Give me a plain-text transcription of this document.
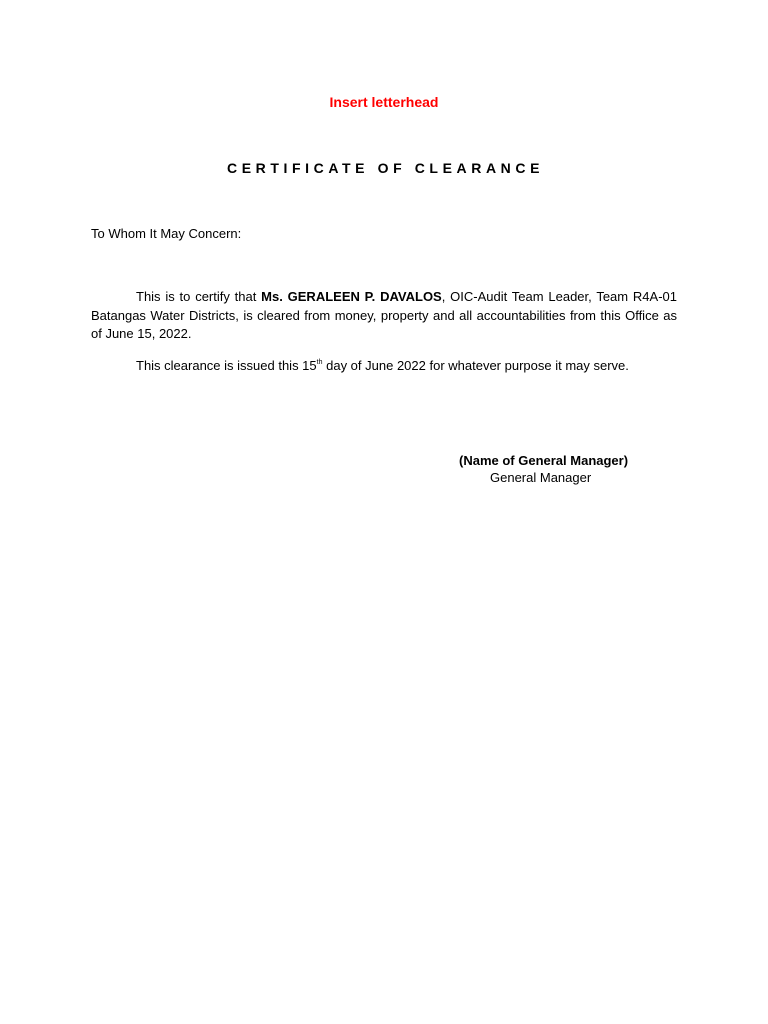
Insert letterhead
CERTIFICATE OF CLEARANCE
To Whom It May Concern:

This is to certify that Ms. GERALEEN P. DAVALOS, OIC-Audit Team Leader, Team R4A-01 Batangas Water Districts, is cleared from money, property and all accountabilities from this Office as of June 15, 2022.

This clearance is issued this 15th day of June 2022 for whatever purpose it may serve.

(Name of General Manager)
General Manager
